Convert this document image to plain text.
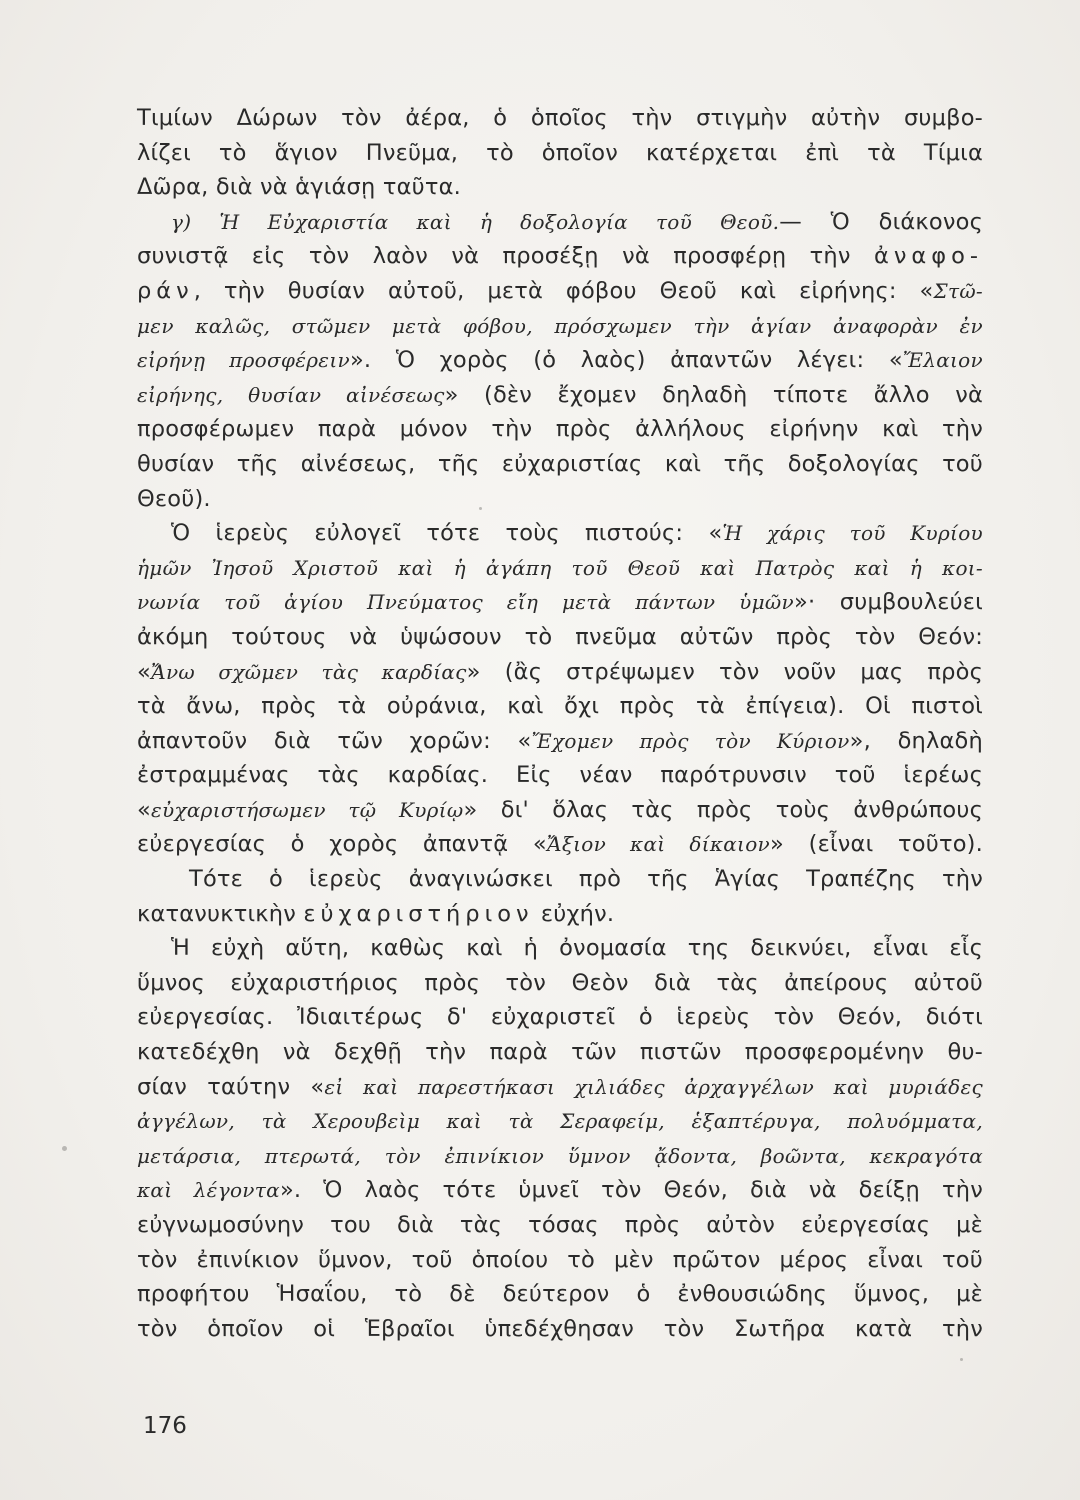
Τιμίων Δώρων τὸν ἀέρα, ὁ ὁποῖος τὴν στιγμὴν αὐτὴν συμβο-
λίζει τὸ ἅγιον Πνεῦμα, τὸ ὁποῖον κατέρχεται ἐπὶ τὰ Τίμια
Δῶρα, διὰ νὰ ἁγιάσῃ ταῦτα.
γ) Ἡ Εὐχαριστία καὶ ἡ δοξολογία τοῦ Θεοῦ.— Ὁ διάκονος
συνιστᾷ εἰς τὸν λαὸν νὰ προσέξῃ νὰ προσφέρῃ τὴν ἀναφο-
ράν, τὴν θυσίαν αὐτοῦ, μετὰ φόβου Θεοῦ καὶ εἰρήνης: «Στῶ-
μεν καλῶς, στῶμεν μετὰ φόβου, πρόσχωμεν τὴν ἁγίαν ἀναφορὰν ἐν
εἰρήνῃ προσφέρειν». Ὁ χορὸς (ὁ λαὸς) ἀπαντῶν λέγει: «Ἔλαιον
εἰρήνης, θυσίαν αἰνέσεως» (δὲν ἔχομεν δηλαδὴ τίποτε ἄλλο νὰ
προσφέρωμεν παρὰ μόνον τὴν πρὸς ἀλλήλους εἰρήνην καὶ τὴν
θυσίαν τῆς αἰνέσεως, τῆς εὐχαριστίας καὶ τῆς δοξολογίας τοῦ
Θεοῦ).
Ὁ ἱερεὺς εὐλογεῖ τότε τοὺς πιστούς: «Ἡ χάρις τοῦ Κυρίου
ἡμῶν Ἰησοῦ Χριστοῦ καὶ ἡ ἀγάπη τοῦ Θεοῦ καὶ Πατρὸς καὶ ἡ κοι-
νωνία τοῦ ἁγίου Πνεύματος εἴη μετὰ πάντων ὑμῶν»· συμβουλεύει
ἀκόμη τούτους νὰ ὑψώσουν τὸ πνεῦμα αὐτῶν πρὸς τὸν Θεόν:
«Ἄνω σχῶμεν τὰς καρδίας» (ἂς στρέψωμεν τὸν νοῦν μας πρὸς
τὰ ἄνω, πρὸς τὰ οὐράνια, καὶ ὄχι πρὸς τὰ ἐπίγεια). Οἱ πιστοὶ
ἀπαντοῦν διὰ τῶν χορῶν: «Ἔχομεν πρὸς τὸν Κύριον», δηλαδὴ
ἐστραμμένας τὰς καρδίας. Εἰς νέαν παρότρυνσιν τοῦ ἱερέως
«εὐχαριστήσωμεν τῷ Κυρίῳ» δι' ὅλας τὰς πρὸς τοὺς ἀνθρώπους
εὐεργεσίας ὁ χορὸς ἀπαντᾷ «Ἄξιον καὶ δίκαιον» (εἶναι τοῦτο).
Τότε ὁ ἱερεὺς ἀναγινώσκει πρὸ τῆς Ἁγίας Τραπέζης τὴν
κατανυκτικὴν εὐχαριστήριον εὐχήν.
Ἡ εὐχὴ αὕτη, καθὼς καὶ ἡ ὀνομασία της δεικνύει, εἶναι εἷς
ὕμνος εὐχαριστήριος πρὸς τὸν Θεὸν διὰ τὰς ἀπείρους αὐτοῦ
εὐεργεσίας. Ἰδιαιτέρως δ' εὐχαριστεῖ ὁ ἱερεὺς τὸν Θεόν, διότι
κατεδέχθη νὰ δεχθῇ τὴν παρὰ τῶν πιστῶν προσφερομένην θυ-
σίαν ταύτην «εἰ καὶ παρεστήκασι χιλιάδες ἀρχαγγέλων καὶ μυριάδες
ἀγγέλων, τὰ Χερουβεὶμ καὶ τὰ Σεραφείμ, ἑξαπτέρυγα, πολυόμματα,
μετάρσια, πτερωτά, τὸν ἐπινίκιον ὕμνον ᾄδοντα, βοῶντα, κεκραγότα
καὶ λέγοντα». Ὁ λαὸς τότε ὑμνεῖ τὸν Θεόν, διὰ νὰ δείξῃ τὴν
εὐγνωμοσύνην του διὰ τὰς τόσας πρὸς αὐτὸν εὐεργεσίας μὲ
τὸν ἐπινίκιον ὕμνον, τοῦ ὁποίου τὸ μὲν πρῶτον μέρος εἶναι τοῦ
προφήτου Ἡσαΐου, τὸ δὲ δεύτερον ὁ ἐνθουσιώδης ὕμνος, μὲ
τὸν ὁποῖον οἱ Ἑβραῖοι ὑπεδέχθησαν τὸν Σωτῆρα κατὰ τὴν
176
